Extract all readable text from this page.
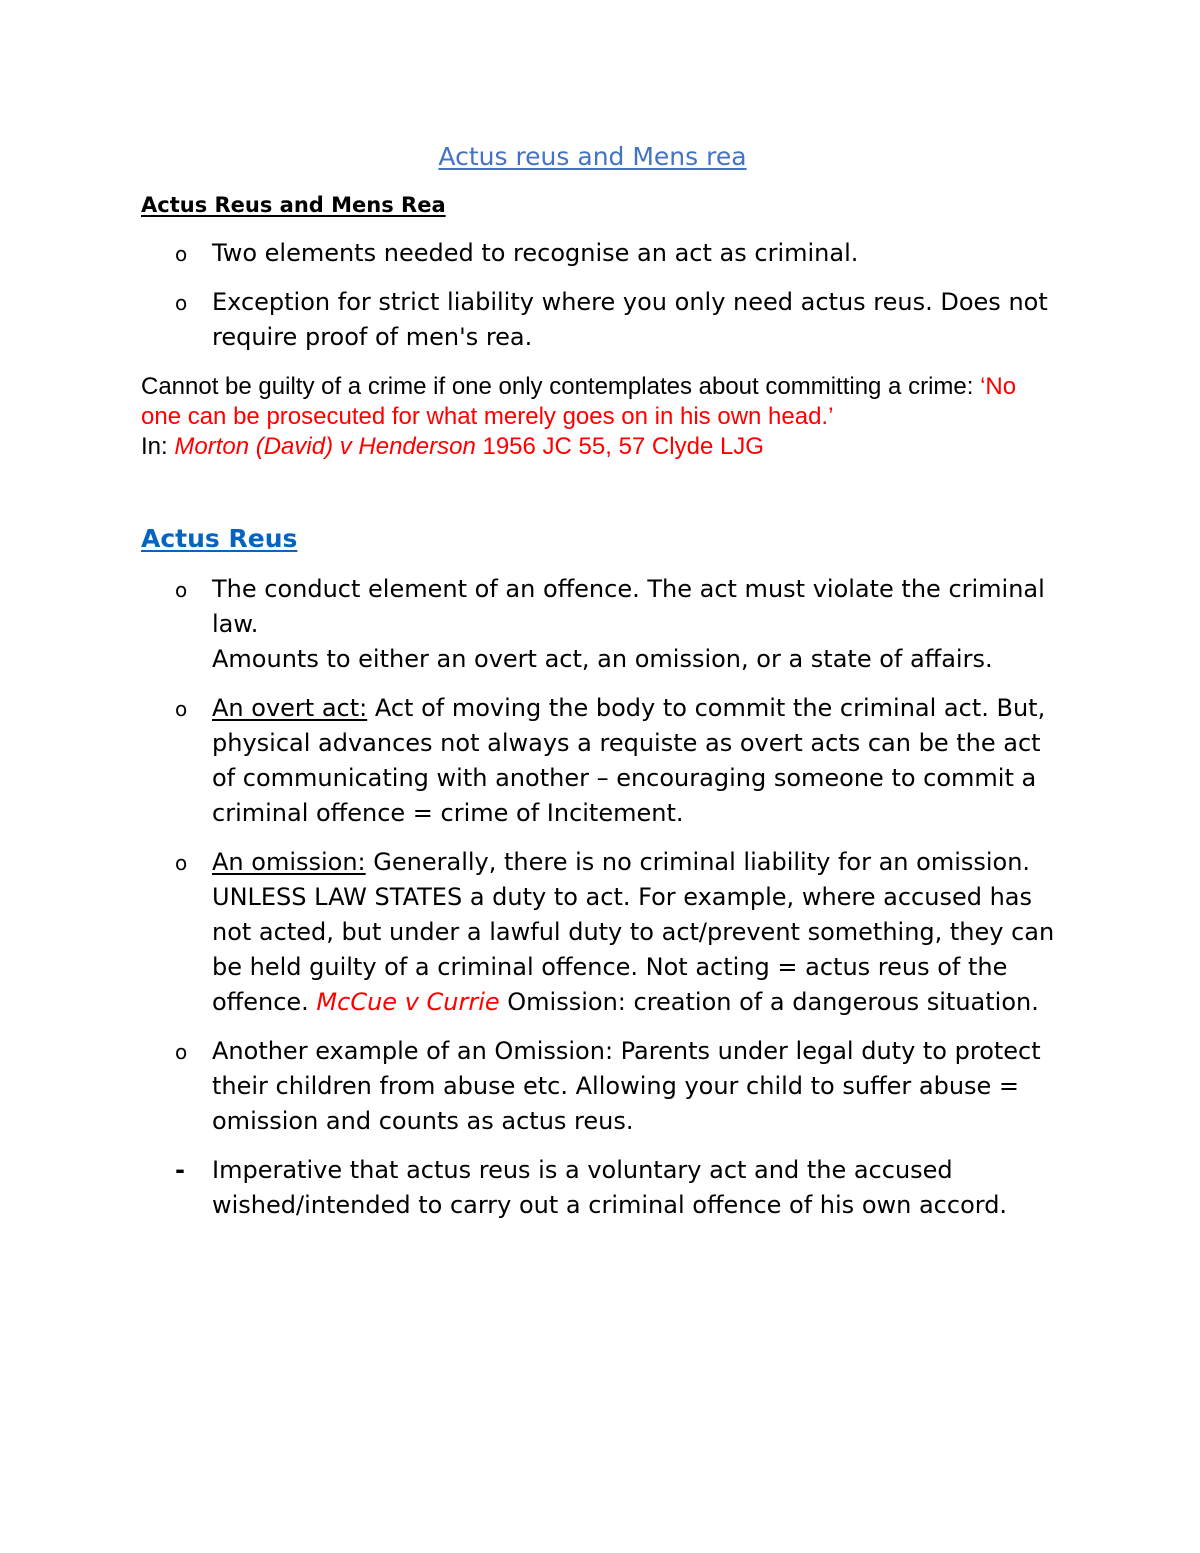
Actus reus and Mens rea
Actus Reus and Mens Rea
o Two elements needed to recognise an act as criminal.
o Exception for strict liability where you only need actus reus. Does not require proof of men's rea.

Cannot be guilty of a crime if one only contemplates about committing a crime: ‘No one can be prosecuted for what merely goes on in his own head.’
In: Morton (David) v Henderson 1956 JC 55, 57 Clyde LJG

Actus Reus
o The conduct element of an offence. The act must violate the criminal law.

Amounts to either an overt act, an omission, or a state of affairs.

o An overt act: Act of moving the body to commit the criminal act. But, physical advances not always a requiste as overt acts can be the act of communicating with another – encouraging someone to commit a criminal offence = crime of Incitement.
o An omission: Generally, there is no criminal liability for an omission. UNLESS LAW STATES a duty to act. For example, where accused has not acted, but under a lawful duty to act/prevent something, they can be held guilty of a criminal offence. Not acting = actus reus of the offence. McCue v Currie Omission: creation of a dangerous situation.
o Another example of an Omission: Parents under legal duty to protect their children from abuse etc. Allowing your child to suffer abuse = omission and counts as actus reus.
- Imperative that actus reus is a voluntary act and the accused wished/intended to carry out a criminal offence of his own accord.
